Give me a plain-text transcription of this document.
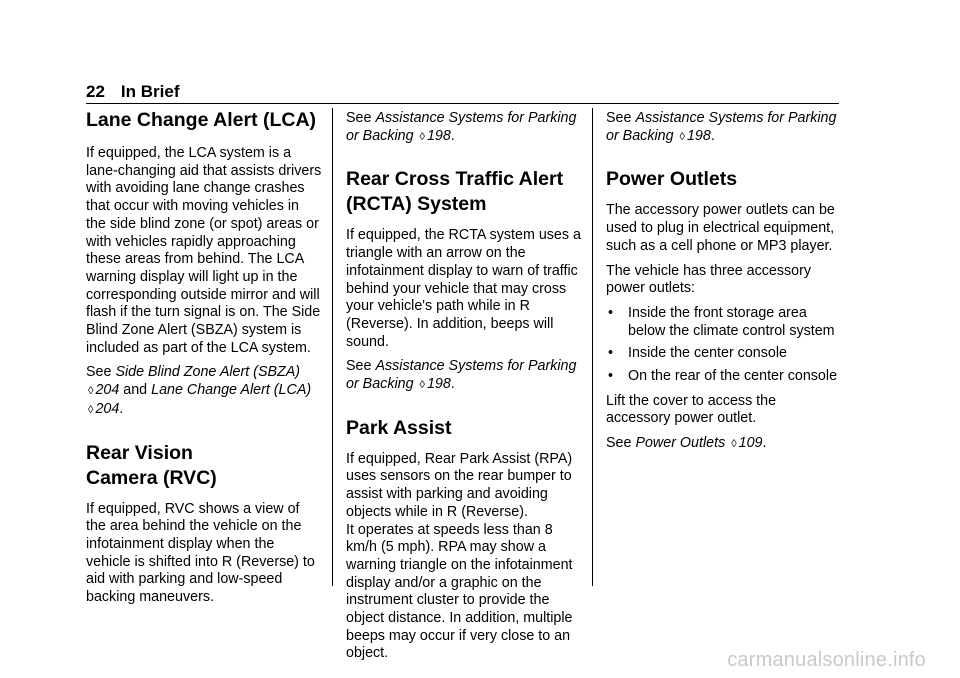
22 In Brief
Lane Change Alert (LCA)

If equipped, the LCA system is a lane-changing aid that assists drivers with avoiding lane change crashes that occur with moving vehicles in the side blind zone (or spot) areas or with vehicles rapidly approaching these areas from behind. The LCA warning display will light up in the corresponding outside mirror and will flash if the turn signal is on. The Side Blind Zone Alert (SBZA) system is included as part of the LCA system.

See Side Blind Zone Alert (SBZA)
◊ 204 and Lane Change Alert (LCA)
◊ 204.

Rear Vision
Camera (RVC)

If equipped, RVC shows a view of the area behind the vehicle on the infotainment display when the vehicle is shifted into R (Reverse) to aid with parking and low-speed backing maneuvers.

See Assistance Systems for Parking or Backing ◊ 198.

Rear Cross Traffic Alert
(RCTA) System

If equipped, the RCTA system uses a triangle with an arrow on the infotainment display to warn of traffic behind your vehicle that may cross your vehicle's path while in R (Reverse). In addition, beeps will sound.

See Assistance Systems for Parking or Backing ◊ 198.

Park Assist

If equipped, Rear Park Assist (RPA) uses sensors on the rear bumper to assist with parking and avoiding objects while in R (Reverse).

It operates at speeds less than 8 km/h (5 mph). RPA may show a warning triangle on the infotainment display and/or a graphic on the instrument cluster to provide the object distance. In addition, multiple beeps may occur if very close to an object.

See Assistance Systems for Parking or Backing ◊ 198.

Power Outlets

The accessory power outlets can be used to plug in electrical equipment, such as a cell phone or MP3 player.

The vehicle has three accessory power outlets:

• Inside the front storage area below the climate control system
• Inside the center console
• On the rear of the center console

Lift the cover to access the accessory power outlet.

See Power Outlets ◊ 109.

carmanualsonline.info
